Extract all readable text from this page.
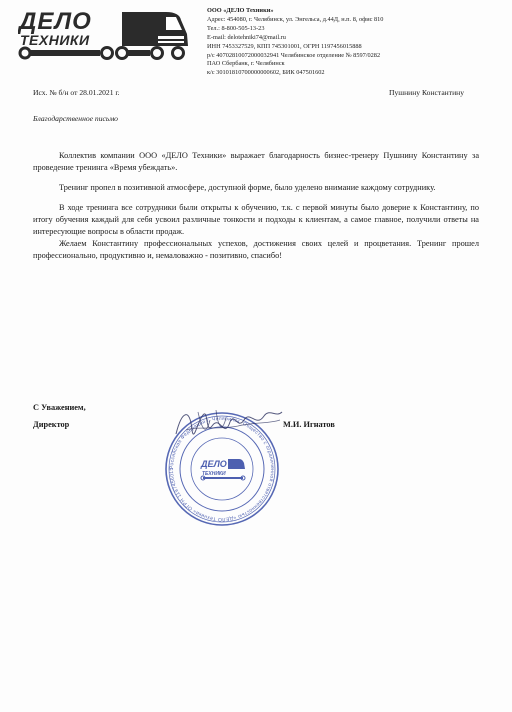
ДЕЛО
ТЕХНИКИ
ООО «ДЕЛО Техники»
Адрес: 454080, г. Челябинск, ул. Энгельса, д.44Д, н.п. 8, офис 810
Тел.: 8-800-505-13-23
E-mail: delotehniki74@mail.ru
ИНН 7453327529, КПП 745301001, ОГРН 1197456015888
р/с 40702810072000032941 Челябинское отделение № 8597/0282
ПАО Сбербанк, г. Челябинск
к/с 30101810700000000602, БИК 047501602
Исх. № б/н от 28.01.2021 г.	Пушнину Константину
Благодарственное письмо

Коллектив компании ООО «ДЕЛО Техники» выражает благодарность бизнес-тренеру Пушнину Константину за проведение тренинга «Время убеждать».

Тренинг пропел в позитивной атмосфере, доступной форме, было уделено внимание каждому сотруднику.

В ходе тренинга все сотрудники были открыты к обучению, т.к. с первой минуты было доверие к Константину, по итогу обучения каждый для себя усвоил различные тонкости и подходы к клиентам, а самое главное, получили ответы на интересующие вопросы в области продаж.

Желаем Константину профессиональных успехов, достижения своих целей и процветания. Тренинг прошел профессионально, продуктивно и, немаловажно - позитивно, спасибо!

Российская Федерация г. Челябинск, Общество с ограниченной ответственностью «ДЕЛО Техники» ОГРН 1197456015
ДЕЛО
ТЕХНИКИ
С Уважением,
Директор	М.И. Игнатов
